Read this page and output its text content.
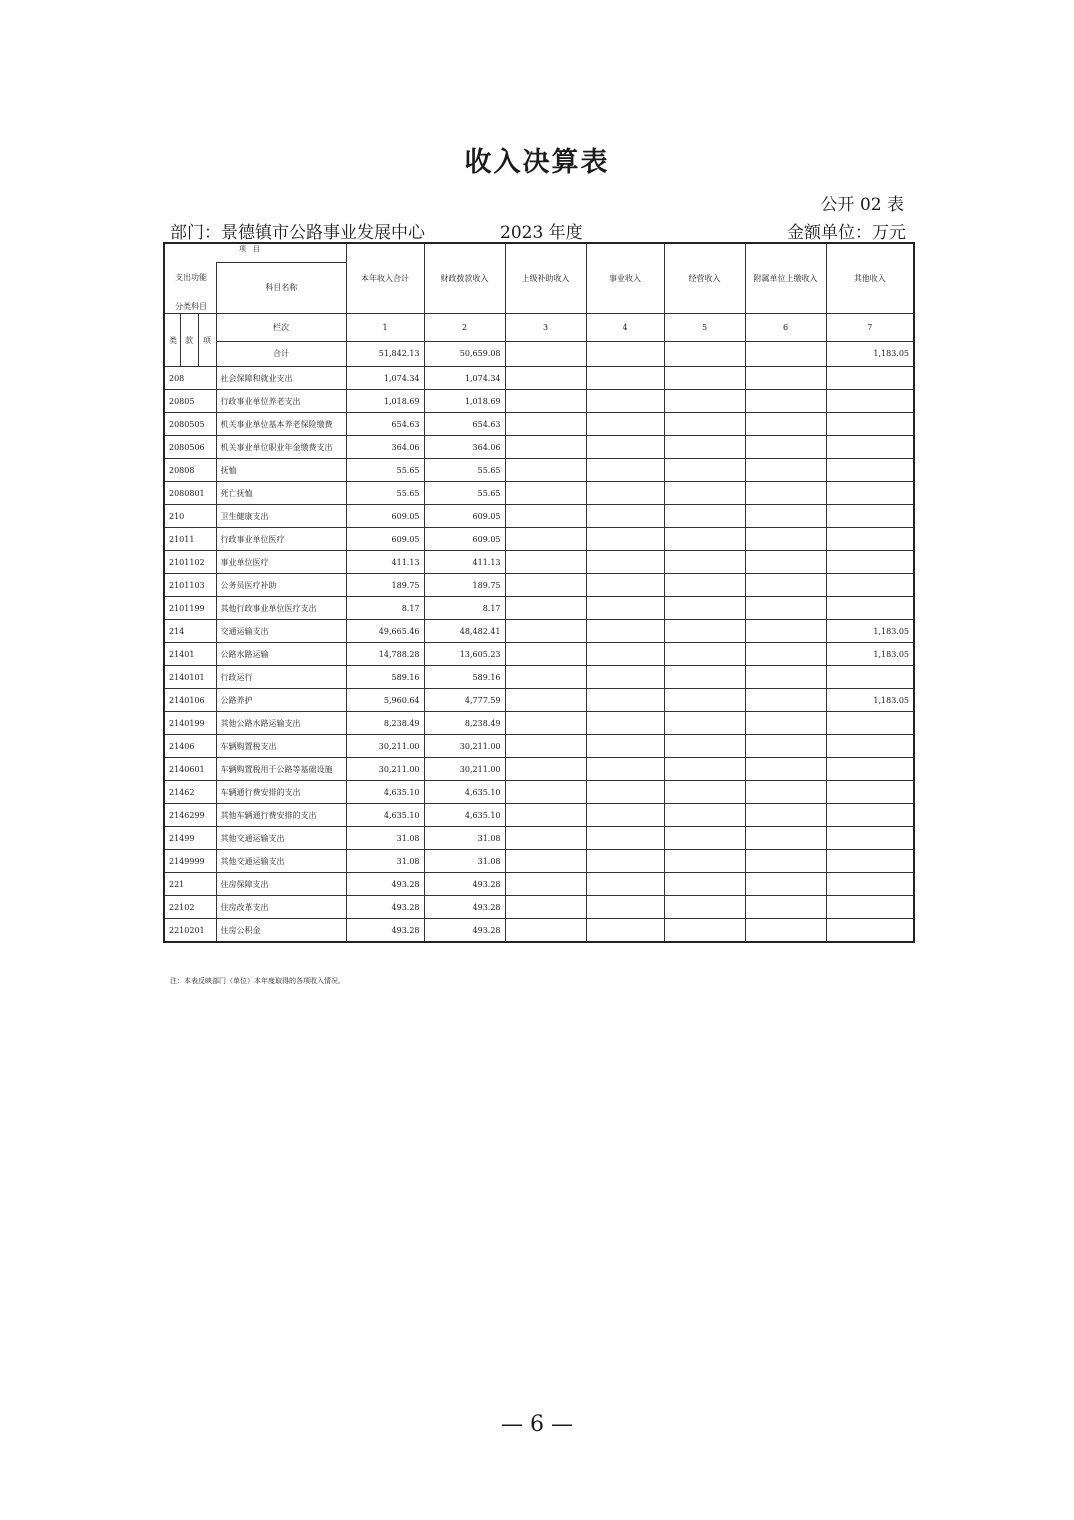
收入决算表
公开 02 表
部门：景德镇市公路事业发展中心	2023 年度	金额单位：万元
项　目
支出功能
分类科目			科目名称	本年收入合计	财政拨款收入	上级补助收入	事业收入	经营收入	附属单位上缴收入	其他收入
类	款	项	栏次	1	2	3	4	5	6	7
			合计	51,842.13	50,659.08					1,183.05
208			社会保障和就业支出	1,074.34	1,074.34					
20805			行政事业单位养老支出	1,018.69	1,018.69					
2080505			机关事业单位基本养老保险缴费	654.63	654.63					
2080506			机关事业单位职业年金缴费支出	364.06	364.06					
20808			抚恤	55.65	55.65					
2080801			死亡抚恤	55.65	55.65					
210			卫生健康支出	609.05	609.05					
21011			行政事业单位医疗	609.05	609.05					
2101102			事业单位医疗	411.13	411.13					
2101103			公务员医疗补助	189.75	189.75					
2101199			其他行政事业单位医疗支出	8.17	8.17					
214			交通运输支出	49,665.46	48,482.41					1,183.05
21401			公路水路运输	14,788.28	13,605.23					1,183.05
2140101			行政运行	589.16	589.16					
2140106			公路养护	5,960.64	4,777.59					1,183.05
2140199			其他公路水路运输支出	8,238.49	8,238.49					
21406			车辆购置税支出	30,211.00	30,211.00					
2140601			车辆购置税用于公路等基础设施	30,211.00	30,211.00					
21462			车辆通行费安排的支出	4,635.10	4,635.10					
2146299			其他车辆通行费安排的支出	4,635.10	4,635.10					
21499			其他交通运输支出	31.08	31.08					
2149999			其他交通运输支出	31.08	31.08					
221			住房保障支出	493.28	493.28					
22102			住房改革支出	493.28	493.28					
2210201			住房公积金	493.28	493.28					
注：本表反映部门（单位）本年度取得的各项收入情况。
— 6 —
